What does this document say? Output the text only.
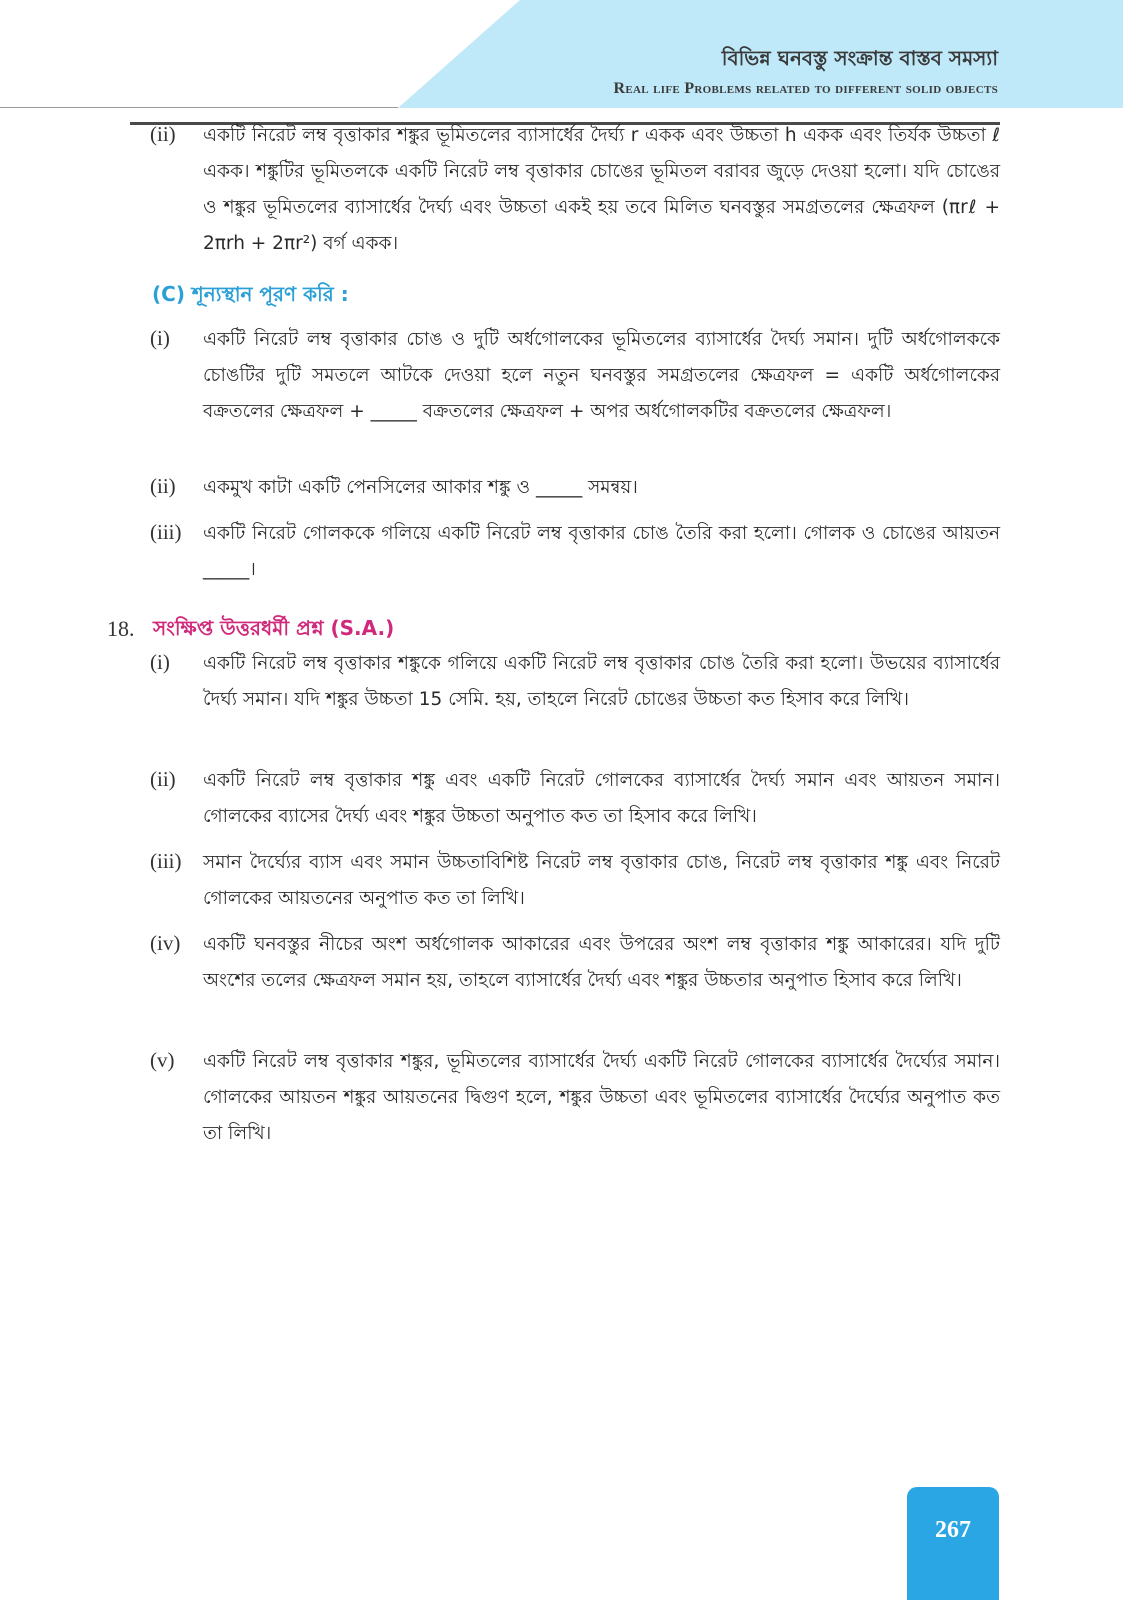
বিভিন্ন ঘনবস্তু সংক্রান্ত বাস্তব সমস্যা
Real life Problems related to different solid objects
(ii)	একটি নিরেট লম্ব বৃত্তাকার শঙ্কুর ভূমিতলের ব্যাসার্ধের দৈর্ঘ্য r একক এবং উচ্চতা h একক এবং তির্যক উচ্চতা ℓ একক। শঙ্কুটির ভূমিতলকে একটি নিরেট লম্ব বৃত্তাকার চোঙের ভূমিতল বরাবর জুড়ে দেওয়া হলো। যদি চোঙের ও শঙ্কুর ভূমিতলের ব্যাসার্ধের দৈর্ঘ্য এবং উচ্চতা একই হয় তবে মিলিত ঘনবস্তুর সমগ্রতলের ক্ষেত্রফল (πrℓ + 2πrh + 2πr²) বর্গ একক।
(C) শূন্যস্থান পূরণ করি :
(i)	একটি নিরেট লম্ব বৃত্তাকার চোঙ ও দুটি অর্ধগোলকের ভূমিতলের ব্যাসার্ধের দৈর্ঘ্য সমান। দুটি অর্ধগোলককে চোঙটির দুটি সমতলে আটকে দেওয়া হলে নতুন ঘনবস্তুর সমগ্রতলের ক্ষেত্রফল = একটি অর্ধগোলকের বক্রতলের ক্ষেত্রফল + _____ বক্রতলের ক্ষেত্রফল + অপর অর্ধগোলকটির বক্রতলের ক্ষেত্রফল।
(ii)	একমুখ কাটা একটি পেনসিলের আকার শঙ্কু ও _____ সমন্বয়।
(iii)	একটি নিরেট গোলককে গলিয়ে একটি নিরেট লম্ব বৃত্তাকার চোঙ তৈরি করা হলো। গোলক ও চোঙের আয়তন _____।
18. সংক্ষিপ্ত উত্তরধর্মী প্রশ্ন (S.A.)
(i)	একটি নিরেট লম্ব বৃত্তাকার শঙ্কুকে গলিয়ে একটি নিরেট লম্ব বৃত্তাকার চোঙ তৈরি করা হলো। উভয়ের ব্যাসার্ধের দৈর্ঘ্য সমান। যদি শঙ্কুর উচ্চতা 15 সেমি. হয়, তাহলে নিরেট চোঙের উচ্চতা কত হিসাব করে লিখি।
(ii)	একটি নিরেট লম্ব বৃত্তাকার শঙ্কু এবং একটি নিরেট গোলকের ব্যাসার্ধের দৈর্ঘ্য সমান এবং আয়তন সমান। গোলকের ব্যাসের দৈর্ঘ্য এবং শঙ্কুর উচ্চতা অনুপাত কত তা হিসাব করে লিখি।
(iii)	সমান দৈর্ঘ্যের ব্যাস এবং সমান উচ্চতাবিশিষ্ট নিরেট লম্ব বৃত্তাকার চোঙ, নিরেট লম্ব বৃত্তাকার শঙ্কু এবং নিরেট গোলকের আয়তনের অনুপাত কত তা লিখি।
(iv)	একটি ঘনবস্তুর নীচের অংশ অর্ধগোলক আকারের এবং উপরের অংশ লম্ব বৃত্তাকার শঙ্কু আকারের। যদি দুটি অংশের তলের ক্ষেত্রফল সমান হয়, তাহলে ব্যাসার্ধের দৈর্ঘ্য এবং শঙ্কুর উচ্চতার অনুপাত হিসাব করে লিখি।
(v)	একটি নিরেট লম্ব বৃত্তাকার শঙ্কুর, ভূমিতলের ব্যাসার্ধের দৈর্ঘ্য একটি নিরেট গোলকের ব্যাসার্ধের দৈর্ঘ্যের সমান। গোলকের আয়তন শঙ্কুর আয়তনের দ্বিগুণ হলে, শঙ্কুর উচ্চতা এবং ভূমিতলের ব্যাসার্ধের দৈর্ঘ্যের অনুপাত কত তা লিখি।
267
